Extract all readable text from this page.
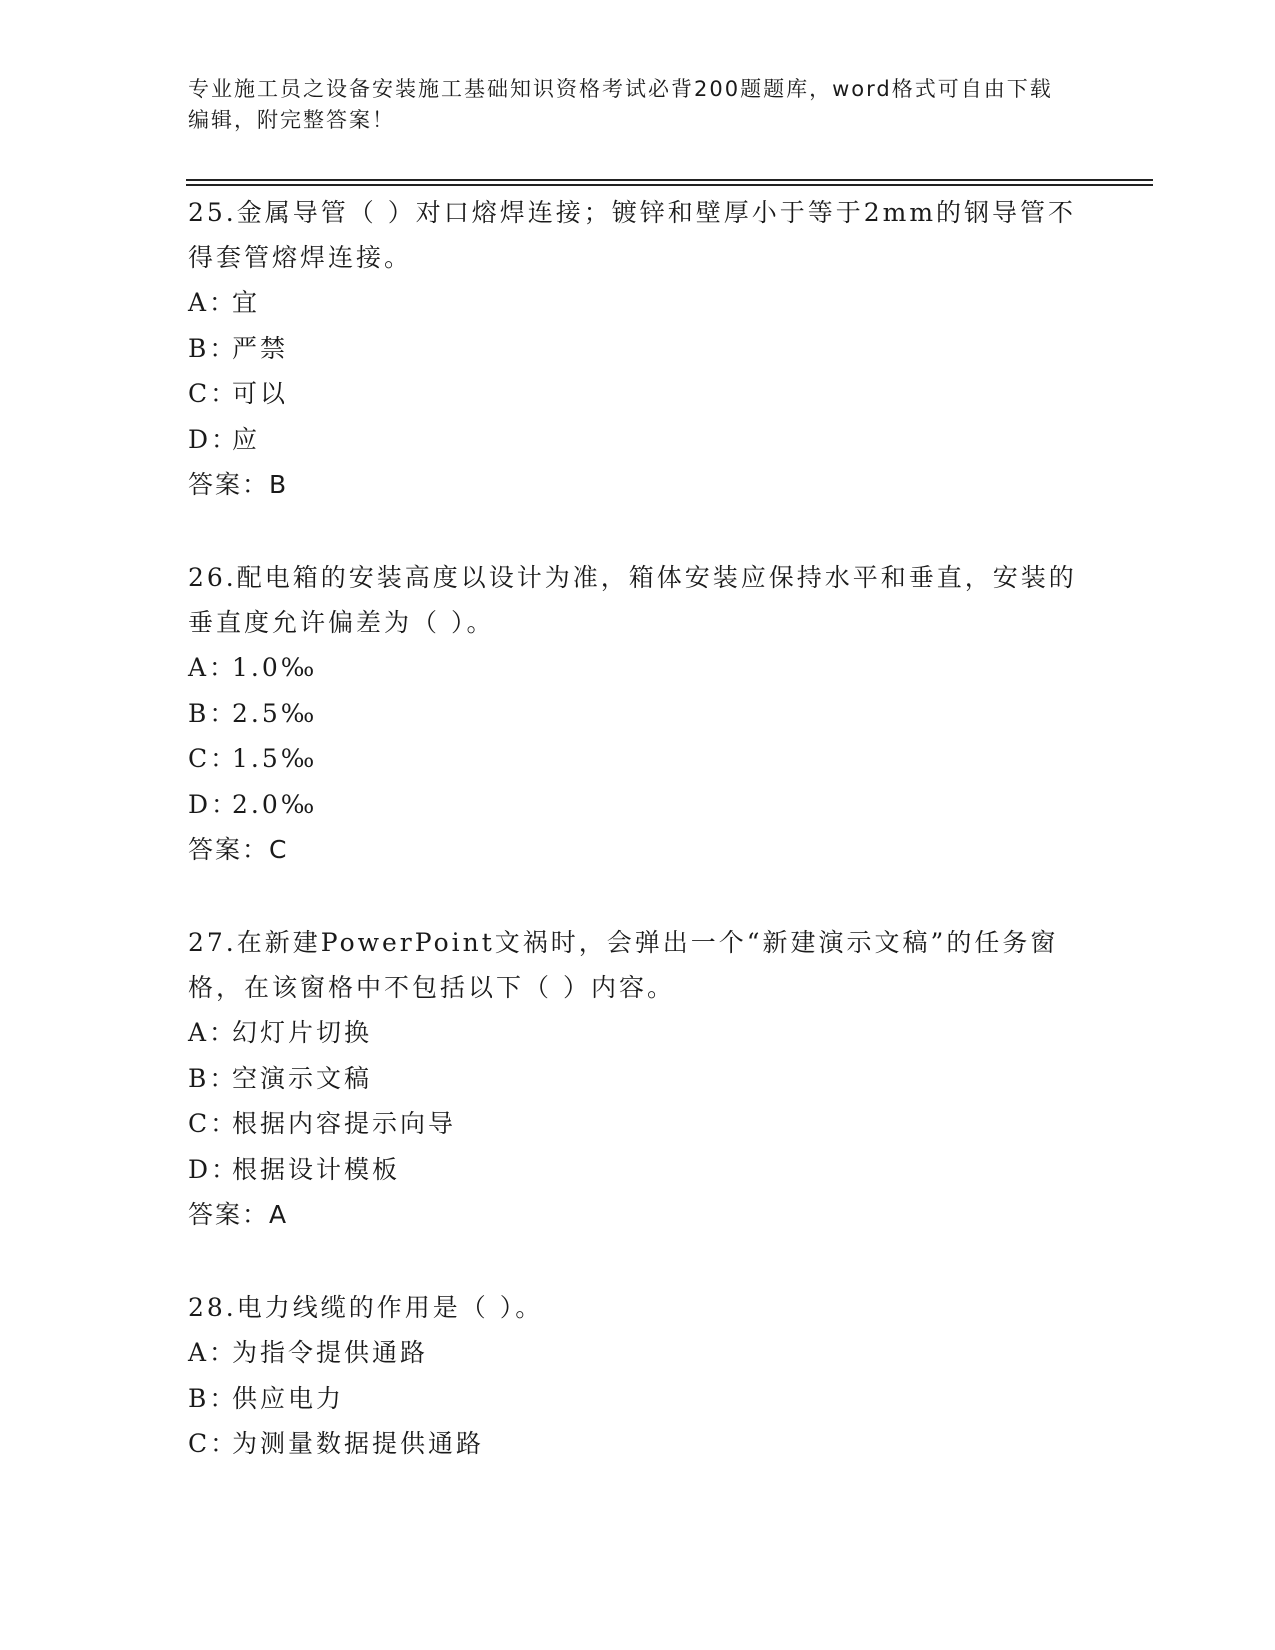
专业施工员之设备安装施工基础知识资格考试必背200题题库，word格式可自由下载编辑，附完整答案！

25.金属导管（ ）对口熔焊连接；镀锌和壁厚小于等于2mm的钢导管不得套管熔焊连接。

A：宜

B：严禁

C：可以

D：应

答案：B

26.配电箱的安装高度以设计为准，箱体安装应保持水平和垂直，安装的垂直度允许偏差为（ ）。

A：1.0‰

B：2.5‰

C：1.5‰

D：2.0‰

答案：C

27.在新建PowerPoint文祸时，会弹出一个“新建演示文稿”的任务窗格，在该窗格中不包括以下（ ）内容。

A：幻灯片切换

B：空演示文稿

C：根据内容提示向导

D：根据设计模板

答案：A

28.电力线缆的作用是（ ）。

A：为指令提供通路

B：供应电力

C：为测量数据提供通路
